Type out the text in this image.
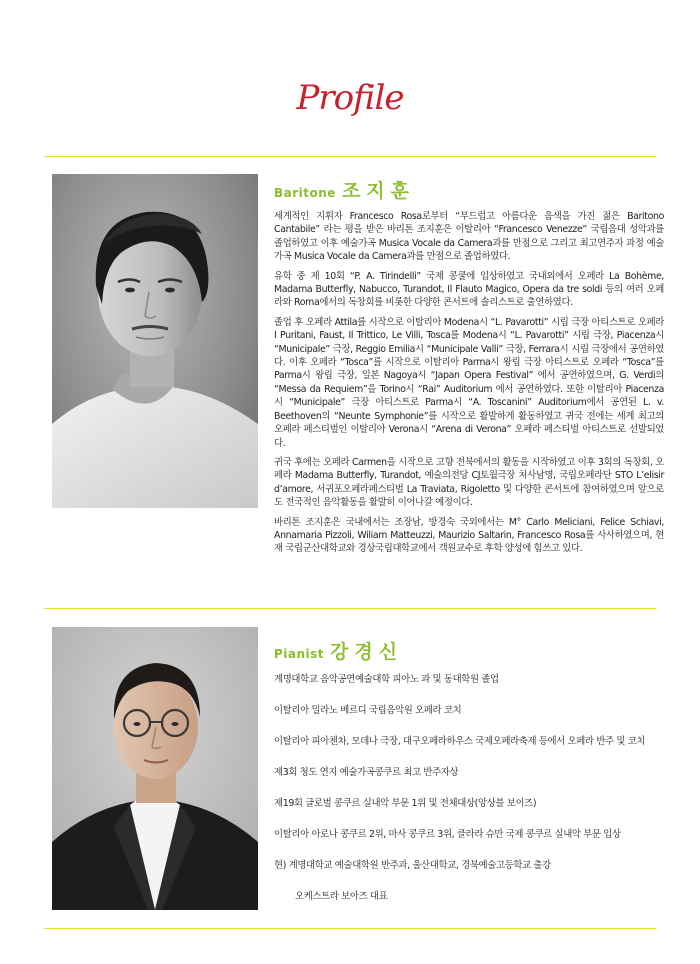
Profile
Baritone 조지훈

세계적인 지휘자 Francesco Rosa로부터 “부드럽고 아름다운 음색을 가진 젊은 Baritono Cantabile” 라는 평을 받은 바리톤 조지훈은 이탈리아 “Francesco Venezze” 국립음대 성악과를 졸업하였고 이후 예술가곡 Musica Vocale da Camera과를 만점으로 그리고 최고연주자 과정 예술가곡 Musica Vocale da Camera과를 만점으로 졸업하였다.

유학 중 제 10회 “P. A. Tirindelli” 국제 콩쿨에 입상하였고 국내외에서 오페라 La Bohème, Madama Butterfly, Nabucco, Turandot, Il Flauto Magico, Opera da tre soldi 등의 여러 오페라와 Roma에서의 독창회를 비롯한 다양한 콘서트에 솔리스트로 출연하였다.

졸업 후 오페라 Attila를 시작으로 이탈리아 Modena시 “L. Pavarotti” 시립 극장 아티스트로 오페라 I Puritani, Faust, Il Trittico, Le Villi, Tosca를 Modena시 “L. Pavarotti” 시립 극장, Piacenza시 “Municipale” 극장, Reggio Emilia시 “Municipale Valli” 극장, Ferrara시 시립 극장에서 공연하였다. 이후 오페라 “Tosca”를 시작으로 이탈리아 Parma시 왕립 극장 아티스트로 오페라 “Tosca”를 Parma시 왕립 극장, 일본 Nagoya시 “Japan Opera Festival” 에서 공연하였으며, G. Verdi의 “Messa da Requiem”을 Torino시 “Rai” Auditorium 에서 공연하였다. 또한 이탈리아 Piacenza시 “Municipale” 극장 아티스트로 Parma시 “A. Toscanini” Auditorium에서 공연된 L. v. Beethoven의 “Neunte Symphonie”를 시작으로 활발하게 활동하였고 귀국 전에는 세계 최고의 오페라 페스티벌인 이탈리아 Verona시 “Arena di Verona” 오페라 페스티벌 아티스트로 선발되었다.

귀국 후에는 오페라 Carmen을 시작으로 고향 전북에서의 활동을 시작하였고 이후 3회의 독창회, 오페라 Madama Butterfly, Turandot, 예술의전당 CJ토월극장 처사남명, 국립오페라단 STO L’elisir d’amore, 서귀포오페라페스티벌 La Traviata, Rigoletto 및 다양한 콘서트에 참여하였으며 앞으로도 전국적인 음악활동을 활발히 이어나갈 예정이다.

바리톤 조지훈은 국내에서는 조장남, 방경숙 국외에서는 M° Carlo Meliciani, Felice Schiavi, Annamaria Pizzoli, Wiliam Matteuzzi, Maurizio Saltarin, Francesco Rosa를 사사하였으며, 현재 국립군산대학교와 경상국립대학교에서 객원교수로 후학 양성에 힘쓰고 있다.

Pianist 강경신
계명대학교 음악공연예술대학 피아노 과 및 동대학원 졸업
이탈리아 밀라노 베르디 국립음악원 오페라 코치
이탈리아 피아첸차, 모데나 극장, 대구오페라하우스 국제오페라축제 등에서 오페라 반주 및 코치
제3회 청도 연지 예술가곡콩쿠르 최고 반주자상
제19회 글로벌 콩쿠르 실내악 부문 1위 및 전체대상(앙상블 보이즈)
이탈리아 아로나 콩쿠르 2위, 마사 콩쿠르 3위, 클라라 슈만 국제 콩쿠르 실내악 부문 입상
현) 계명대학교 예술대학원 반주과, 울산대학교, 경북예술고등학교 출강
오케스트라 보아즈 대표
